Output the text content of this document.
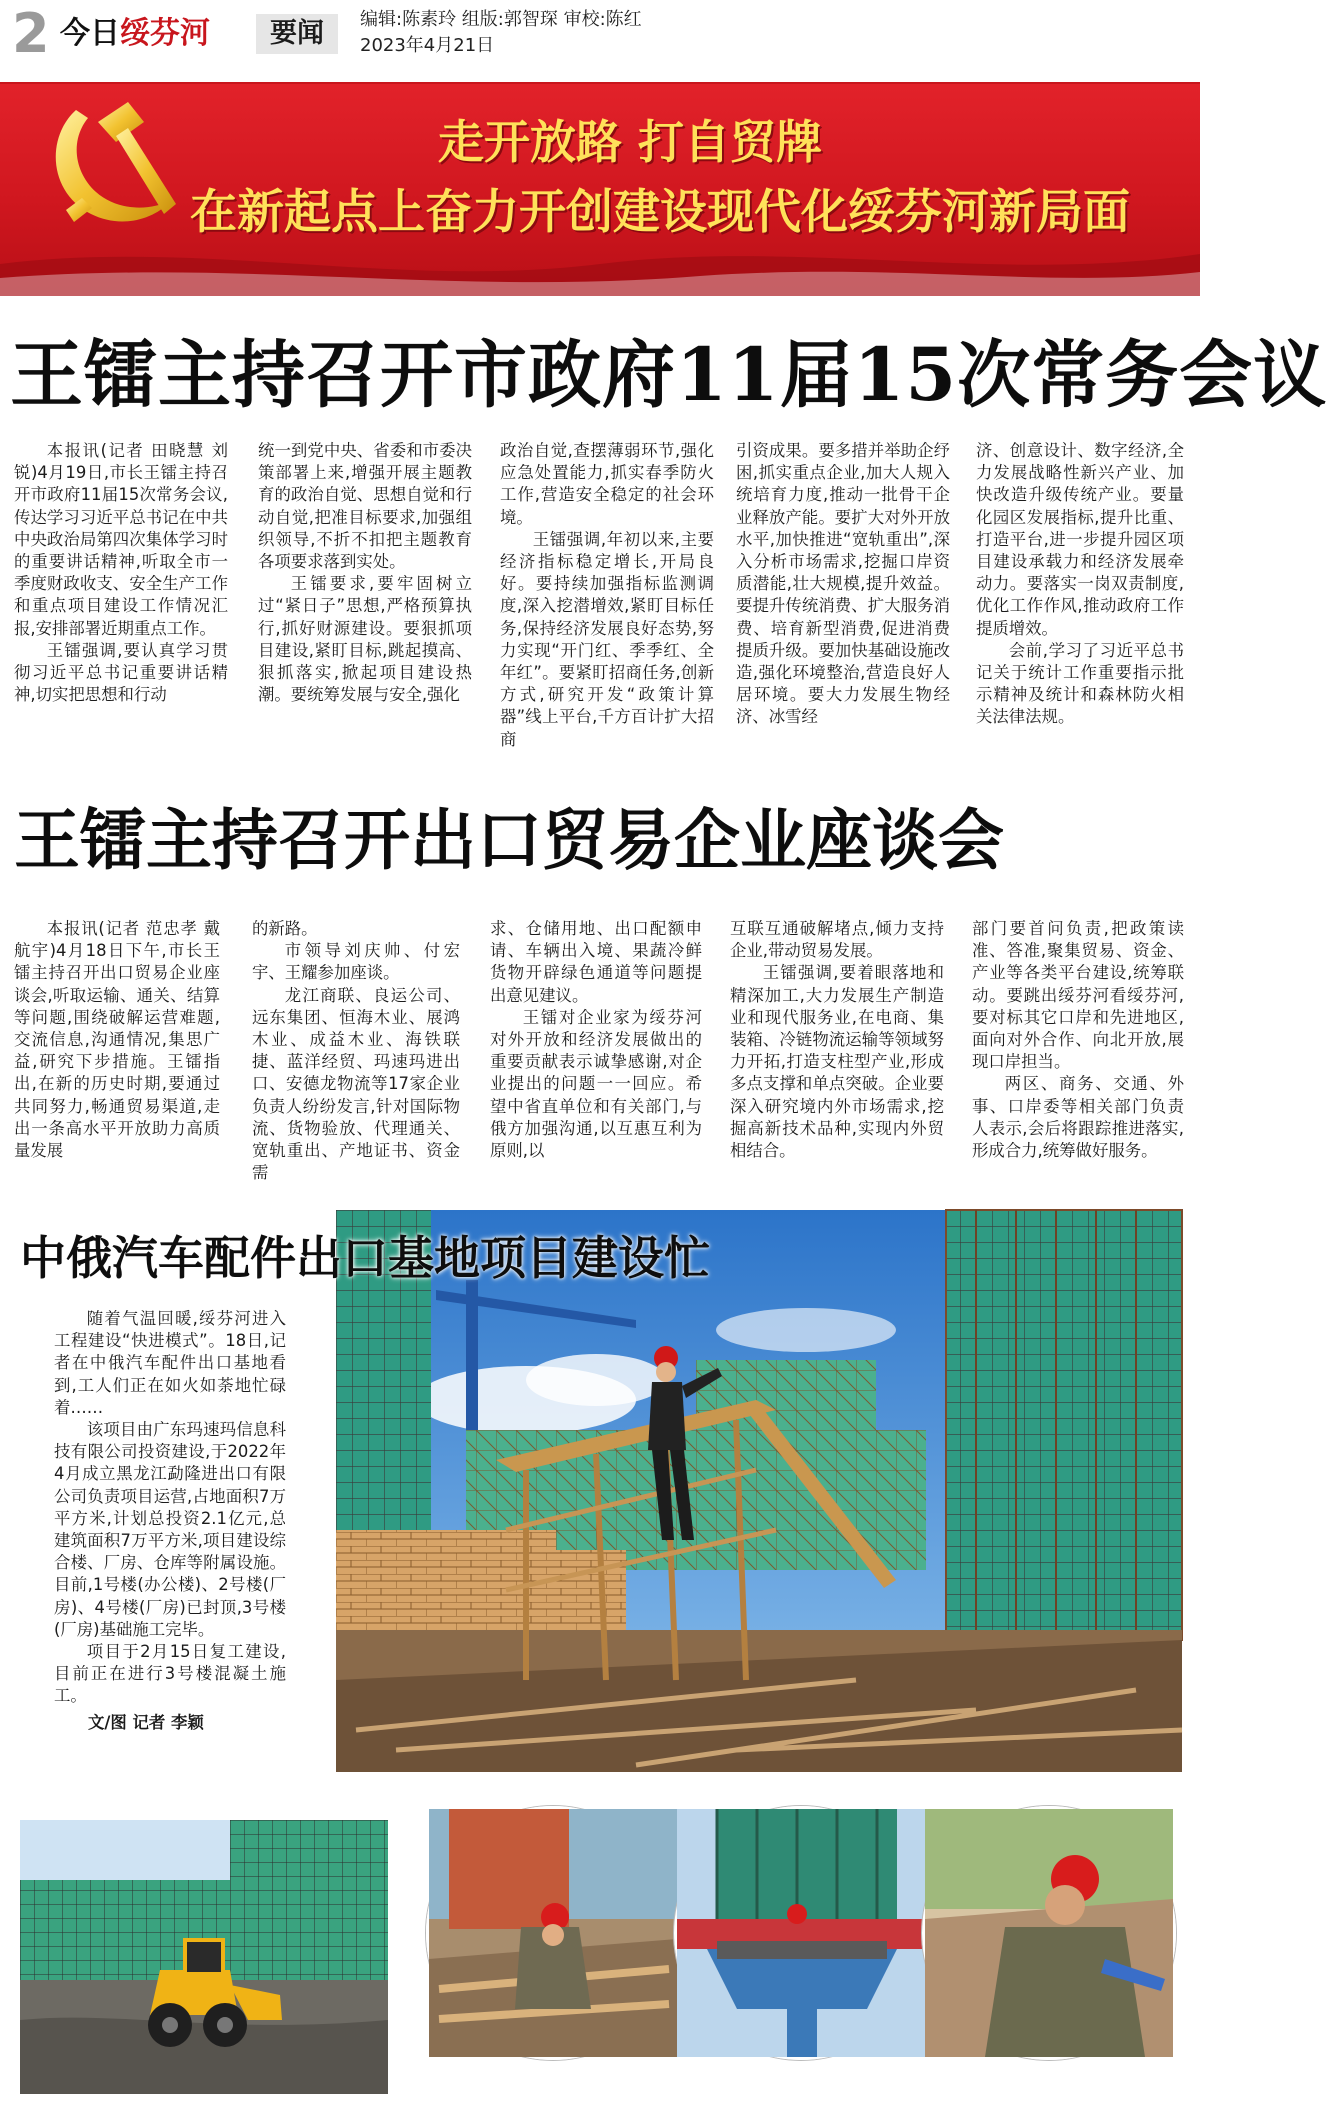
2 今日绥芬河	要闻	编辑:陈素玲 组版:郭智琛 审校:陈红
2023年4月21日
走开放路 打自贸牌
在新起点上奋力开创建设现代化绥芬河新局面
王镭主持召开市政府11届15次常务会议

本报讯(记者 田晓慧 刘锐)4月19日,市长王镭主持召开市政府11届15次常务会议,传达学习习近平总书记在中共中央政治局第四次集体学习时的重要讲话精神,听取全市一季度财政收支、安全生产工作和重点项目建设工作情况汇报,安排部署近期重点工作。

王镭强调,要认真学习贯彻习近平总书记重要讲话精神,切实把思想和行动

统一到党中央、省委和市委决策部署上来,增强开展主题教育的政治自觉、思想自觉和行动自觉,把准目标要求,加强组织领导,不折不扣把主题教育各项要求落到实处。

王镭要求,要牢固树立过“紧日子”思想,严格预算执行,抓好财源建设。要狠抓项目建设,紧盯目标,跳起摸高、狠抓落实,掀起项目建设热潮。要统筹发展与安全,强化

政治自觉,查摆薄弱环节,强化应急处置能力,抓实春季防火工作,营造安全稳定的社会环境。

王镭强调,年初以来,主要经济指标稳定增长,开局良好。要持续加强指标监测调度,深入挖潜增效,紧盯目标任务,保持经济发展良好态势,努力实现“开门红、季季红、全年红”。要紧盯招商任务,创新方式,研究开发“政策计算器”线上平台,千方百计扩大招商

引资成果。要多措并举助企纾困,抓实重点企业,加大人规入统培育力度,推动一批骨干企业释放产能。要扩大对外开放水平,加快推进“宽轨重出”,深入分析市场需求,挖掘口岸资质潜能,壮大规模,提升效益。要提升传统消费、扩大服务消费、培育新型消费,促进消费提质升级。要加快基础设施改造,强化环境整治,营造良好人居环境。要大力发展生物经济、冰雪经

济、创意设计、数字经济,全力发展战略性新兴产业、加快改造升级传统产业。要量化园区发展指标,提升比重、打造平台,进一步提升园区项目建设承载力和经济发展牵动力。要落实一岗双责制度,优化工作作风,推动政府工作提质增效。

会前,学习了习近平总书记关于统计工作重要指示批示精神及统计和森林防火相关法律法规。

王镭主持召开出口贸易企业座谈会

本报讯(记者 范忠孝 戴航宇)4月18日下午,市长王镭主持召开出口贸易企业座谈会,听取运输、通关、结算等问题,围绕破解运营难题,交流信息,沟通情况,集思广益,研究下步措施。王镭指出,在新的历史时期,要通过共同努力,畅通贸易渠道,走出一条高水平开放助力高质量发展

的新路。

市领导刘庆帅、付宏宇、王耀参加座谈。

龙江商联、良运公司、远东集团、恒海木业、展鸿木业、成益木业、海铁联捷、蓝洋经贸、玛速玛进出口、安德龙物流等17家企业负责人纷纷发言,针对国际物流、货物验放、代理通关、宽轨重出、产地证书、资金需

求、仓储用地、出口配额申请、车辆出入境、果蔬冷鲜货物开辟绿色通道等问题提出意见建议。

王镭对企业家为绥芬河对外开放和经济发展做出的重要贡献表示诚挚感谢,对企业提出的问题一一回应。希望中省直单位和有关部门,与俄方加强沟通,以互惠互利为原则,以

互联互通破解堵点,倾力支持企业,带动贸易发展。

王镭强调,要着眼落地和精深加工,大力发展生产制造业和现代服务业,在电商、集装箱、冷链物流运输等领域努力开拓,打造支柱型产业,形成多点支撑和单点突破。企业要深入研究境内外市场需求,挖掘高新技术品种,实现内外贸相结合。

部门要首问负责,把政策读准、答准,聚集贸易、资金、产业等各类平台建设,统筹联动。要跳出绥芬河看绥芬河,要对标其它口岸和先进地区,面向对外合作、向北开放,展现口岸担当。

两区、商务、交通、外事、口岸委等相关部门负责人表示,会后将跟踪推进落实,形成合力,统筹做好服务。

中俄汽车配件出口基地项目建设忙

随着气温回暖,绥芬河进入工程建设“快进模式”。18日,记者在中俄汽车配件出口基地看到,工人们正在如火如荼地忙碌着……

该项目由广东玛速玛信息科技有限公司投资建设,于2022年4月成立黑龙江勐隆进出口有限公司负责项目运营,占地面积7万平方米,计划总投资2.1亿元,总建筑面积7万平方米,项目建设综合楼、厂房、仓库等附属设施。目前,1号楼(办公楼)、2号楼(厂房)、4号楼(厂房)已封顶,3号楼(厂房)基础施工完毕。

项目于2月15日复工建设,目前正在进行3号楼混凝土施工。

文/图 记者 李颖
